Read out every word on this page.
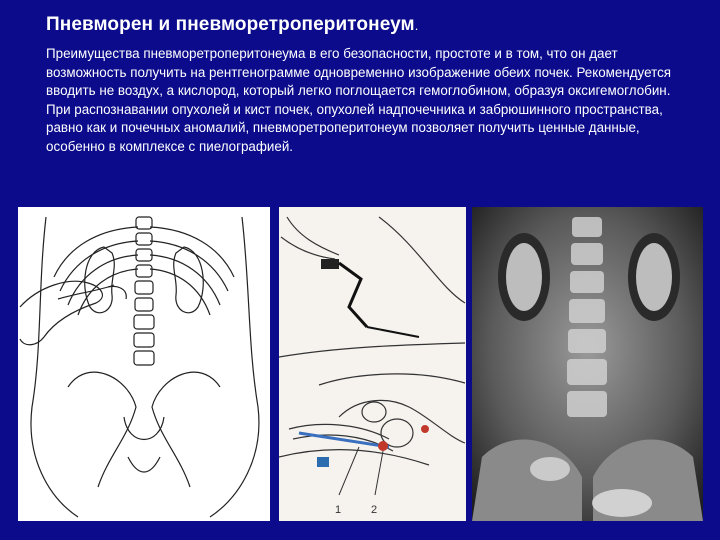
Пневморен и пневморетроперитонеум.
Преимущества пневморетроперитонеума в его безопасности, простоте и в том, что он дает возможность получить на рентгенограмме одновременно изображение обеих почек. Рекомендуется вводить не воздух, а кислород, который легко поглощается гемоглобином, образуя оксигемоглобин. При распознавании опухолей и кист почек, опухолей надпочечника и забрюшинного пространства, равно как и почечных аномалий, пневморетроперитонеум позволяет получить ценные данные, особенно в комплексе с пиелографией.
1	2
